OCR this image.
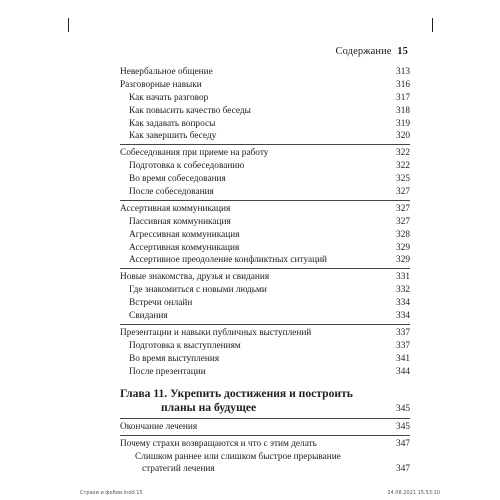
Содержание 15
Невербальное общение	313
Разговорные навыки	316
Как начать разговор	317
Как повысить качество беседы	318
Как задавать вопросы	319
Как завершить беседу	320
Собеседования при приеме на работу	322
Подготовка к собеседованию	322
Во время собеседования	325
После собеседования	327
Ассертивная коммуникация	327
Пассивная коммуникация	327
Агрессивная коммуникация	328
Ассертивная коммуникация	329
Ассертивное преодоление конфликтных ситуаций	329
Новые знакомства, друзья и свидания	331
Где знакомиться с новыми людьми	332
Встречи онлайн	334
Свидания	334
Презентации и навыки публичных выступлений	337
Подготовка к выступлениям	337
Во время выступления	341
После презентации	344
Глава 11. Укрепить достижения и построить
планы на будущее	345
Окончание лечения	345
Почему страхи возвращаются и что с этим делать	347
Слишком раннее или слишком быстрое прерывание
стратегий лечения	347
Страхи и фобии.indd 15	24.08.2021 15:53:10
